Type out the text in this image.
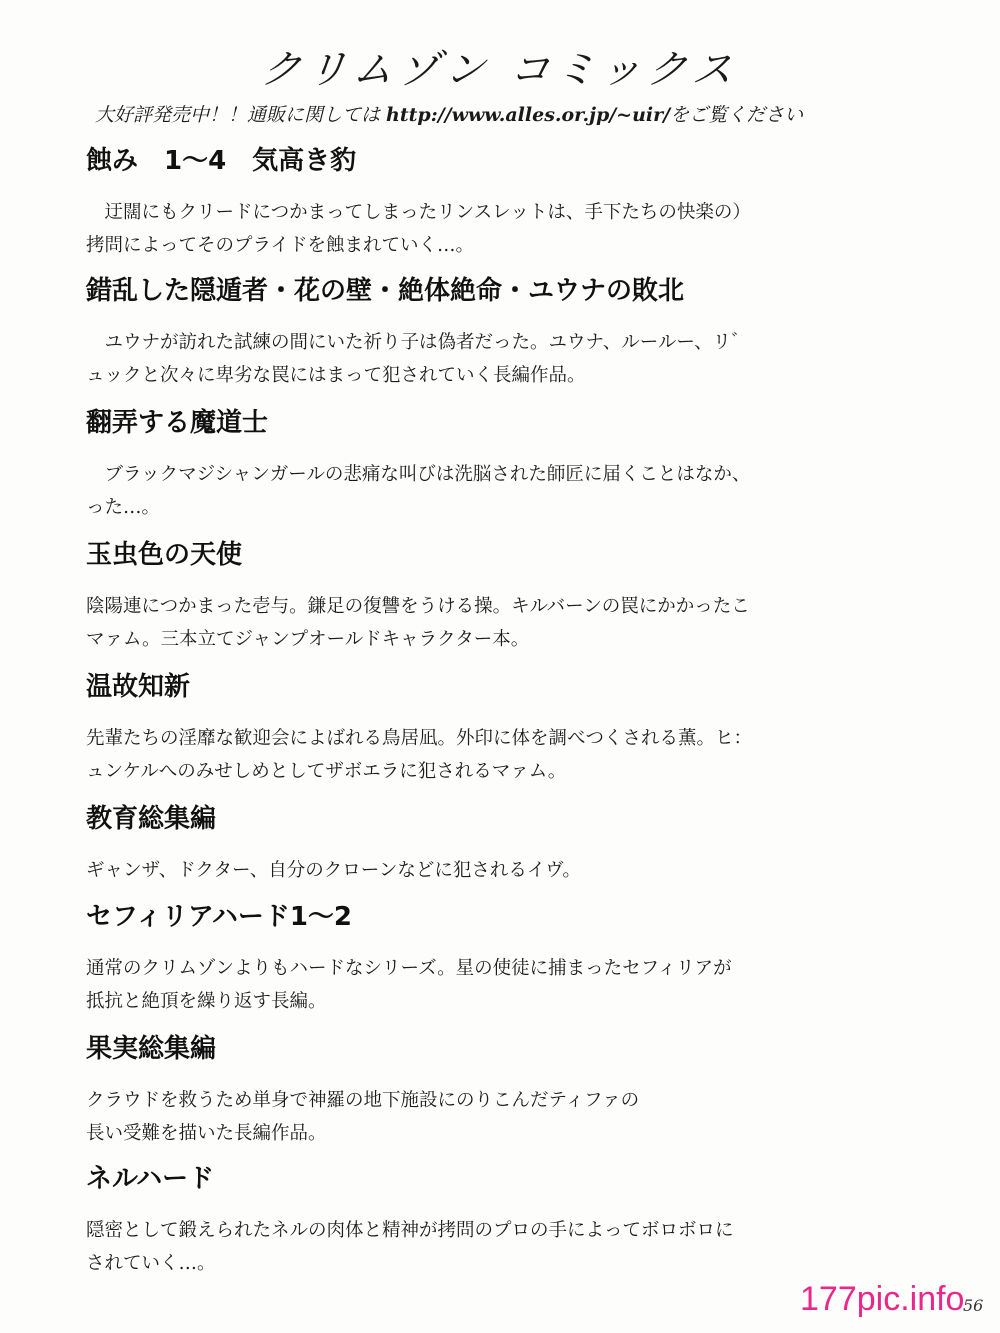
クリムゾン コミックス
大好評発売中！！通販に関しては http://www.alles.or.jp/~uir/をご覧ください
蝕み　1〜4　気高き豹

　迂闊にもクリードにつかまってしまったリンスレットは、手下たちの快楽の）
拷問によってそのプライドを蝕まれていく…。

錯乱した隠遁者・花の壁・絶体絶命・ユウナの敗北

　ユウナが訪れた試練の間にいた祈り子は偽者だった。ユウナ、ルールー、リ゛
ュックと次々に卑劣な罠にはまって犯されていく長編作品。

翻弄する魔道士

　ブラックマジシャンガールの悲痛な叫びは洗脳された師匠に届くことはなか、
った…。

玉虫色の天使

陰陽連につかまった壱与。鎌足の復讐をうける操。キルバーンの罠にかかったこ
マァム。三本立てジャンプオールドキャラクター本。

温故知新

先輩たちの淫靡な歓迎会によばれる鳥居凪。外印に体を調べつくされる薫。ヒ：
ュンケルへのみせしめとしてザボエラに犯されるマァム。

教育総集編

ギャンザ、ドクター、自分のクローンなどに犯されるイヴ。

セフィリアハード1〜2

通常のクリムゾンよりもハードなシリーズ。星の使徒に捕まったセフィリアが
抵抗と絶頂を繰り返す長編。

果実総集編

クラウドを救うため単身で神羅の地下施設にのりこんだティファの
長い受難を描いた長編作品。

ネルハード

隠密として鍛えられたネルの肉体と精神が拷問のプロの手によってボロボロに
されていく…。

177pic.info
56
